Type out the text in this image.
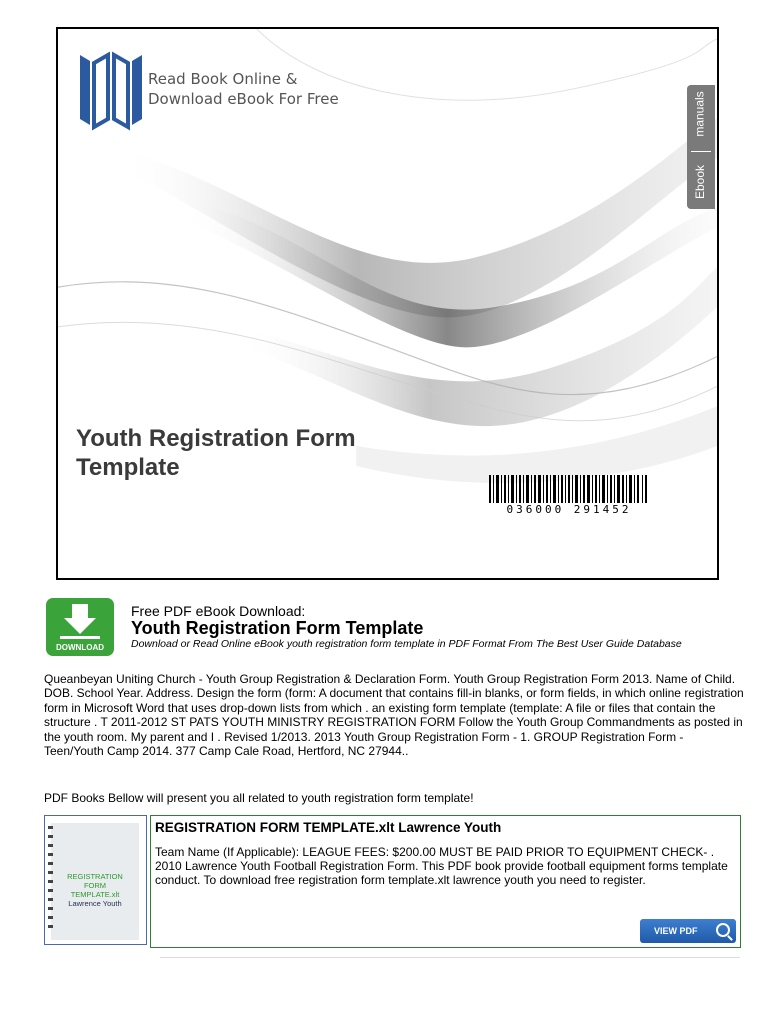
Read Book Online &
Download eBook For Free	manuals
Ebook
Youth Registration Form Template
036000 291452
DOWNLOAD
Free PDF eBook Download:
Youth Registration Form Template
Download or Read Online eBook youth registration form template in PDF Format From The Best User Guide Database
Queanbeyan Uniting Church - Youth Group Registration & Declaration Form. Youth Group Registration Form 2013. Name of Child. DOB. School Year. Address. Design the form (form: A document that contains fill-in blanks, or form fields, in which online registration form in Microsoft Word that uses drop-down lists from which . an existing form template (template: A file or files that contain the structure . T 2011-2012 ST PATS YOUTH MINISTRY REGISTRATION FORM Follow the Youth Group Commandments as posted in the youth room. My parent and I . Revised 1/2013. 2013 Youth Group Registration Form - 1. GROUP Registration Form - Teen/Youth Camp 2014. 377 Camp Cale Road, Hertford, NC 27944..
PDF Books Bellow will present you all related to youth registration form template!
REGISTRATION
FORM
TEMPLATE.xlt
Lawrence Youth
REGISTRATION FORM TEMPLATE.xlt Lawrence Youth
Team Name (If Applicable): LEAGUE FEES: $200.00 MUST BE PAID PRIOR TO EQUIPMENT CHECK- . 2010 Lawrence Youth Football Registration Form. This PDF book provide football equipment forms template conduct. To download free registration form template.xlt lawrence youth you need to register.
VIEW PDF
